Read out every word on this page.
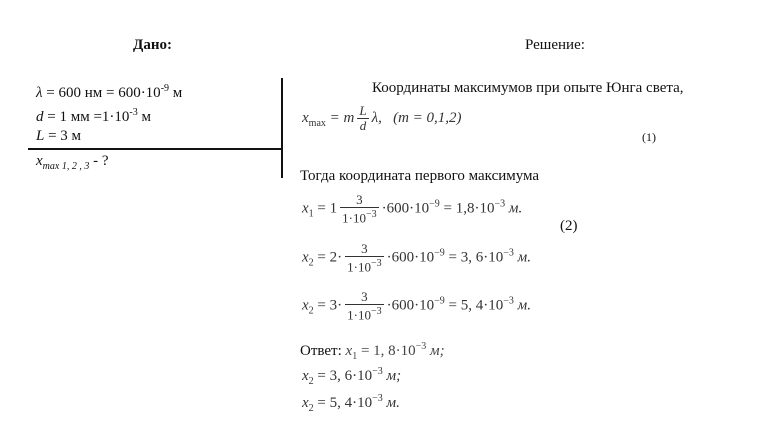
Дано:	Решение:
λ = 600 нм = $600\cdot 10^{-9}$ м
d = 1 мм $=1\cdot 10^{-3}$ м
L = 3 м
$x_{max 1, 2 , 3}$ - ?
Координаты максимумов при опыте Юнга света,
$x_{max} = m \frac{L}{d} \lambda$, (m = 0,1,2)
(1)
Тогда координата первого максимума
$x_1 = 1 \frac{3}{1\cdot 10^{-3}} \cdot 600\cdot 10^{-9} = 1,8\cdot 10^{-3}$ м.
(2)
$x_2 = 2\cdot \frac{3}{1\cdot 10^{-3}} \cdot 600\cdot 10^{-9} = 3$, $6\cdot 10^{-3}$ м.
$x_2 = 3\cdot \frac{3}{1\cdot 10^{-3}} \cdot 600\cdot 10^{-9} = 5$, $4\cdot 10^{-3}$ м.
Ответ: $x_1 = 1$, $8\cdot 10^{-3}$ м;
$x_2 = 3$, $6\cdot 10^{-3}$ м;
$x_2 = 5$, $4\cdot 10^{-3}$ м.
